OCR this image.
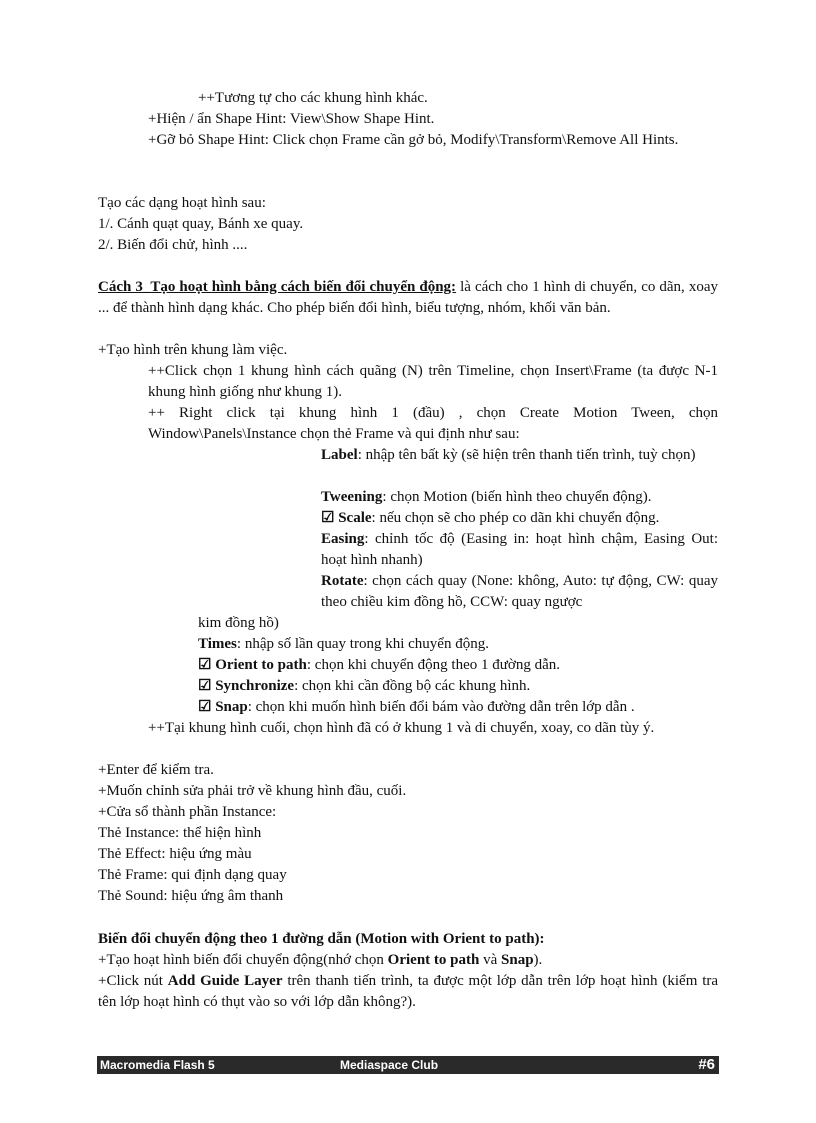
++Tương tự cho các khung hình khác.
+Hiện / ẩn Shape Hint: View\Show Shape Hint.
+Gỡ bỏ Shape Hint: Click chọn Frame cần gở bỏ, Modify\Transform\Remove All Hints.
Tạo các dạng hoạt hình sau:
1/. Cánh quạt quay, Bánh xe quay.
2/. Biến đổi chử, hình ....
Cách 3_Tạo hoạt hình bằng cách biến đổi chuyển động: là cách cho 1 hình di chuyển, co dãn, xoay ... để thành hình dạng khác. Cho phép biến đổi hình, biểu tượng, nhóm, khối văn bản.
+Tạo hình trên khung làm việc.
++Click chọn 1 khung hình cách quãng (N) trên Timeline, chọn Insert\Frame (ta được N-1 khung hình giống như khung 1).
++ Right click tại khung hình 1 (đầu) , chọn Create Motion Tween, chọn Window\Panels\Instance chọn thẻ Frame và qui định như sau:
Label: nhập tên bất kỳ (sẽ hiện trên thanh tiến trình, tuỳ chọn)
Tweening: chọn Motion (biến hình theo chuyển động).
☑ Scale: nếu chọn sẽ cho phép co dãn khi chuyển động.
Easing: chỉnh tốc độ (Easing in: hoạt hình chậm, Easing Out: hoạt hình nhanh)
Rotate: chọn cách quay (None: không, Auto: tự động, CW: quay theo chiều kim đồng hồ, CCW: quay ngược
kim đồng hồ)
Times: nhập số lần quay trong khi chuyển động.
☑ Orient to path: chọn khi chuyển động theo 1 đường dẫn.
☑ Synchronize: chọn khi cần đồng bộ các khung hình.
☑ Snap: chọn khi muốn hình biến đổi bám vào đường dẫn trên lớp dẫn .
++Tại khung hình cuối, chọn hình đã có ở khung 1 và di chuyển, xoay, co dãn tùy ý.
+Enter để kiểm tra.
+Muốn chỉnh sửa phải trở về khung hình đầu, cuối.
+Cửa sổ thành phần Instance:
Thẻ Instance: thể hiện hình
Thẻ Effect: hiệu ứng màu
Thẻ Frame: qui định dạng quay
Thẻ Sound: hiệu ứng âm thanh
Biến đổi chuyển động theo 1 đường dẫn (Motion with Orient to path):
+Tạo hoạt hình biến đổi chuyển động(nhớ chọn Orient to path và Snap).
+Click nút Add Guide Layer trên thanh tiến trình, ta được một lớp dẫn trên lớp hoạt hình (kiểm tra tên lớp hoạt hình có thụt vào so với lớp dẫn không?).
Macromedia Flash 5	Mediaspace Club	#6
